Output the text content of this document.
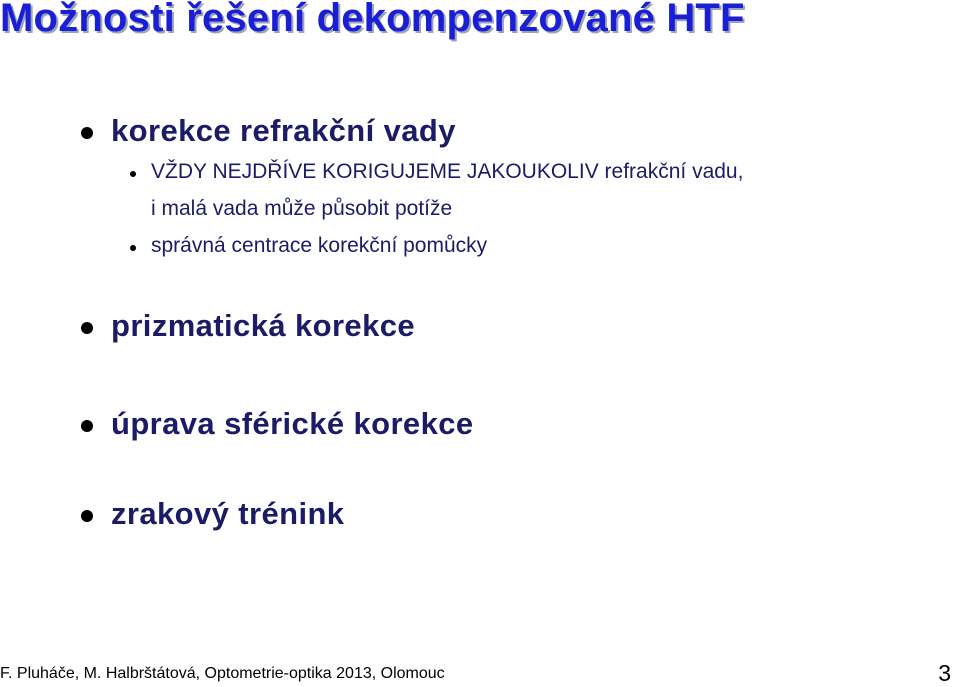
Možnosti řešení dekompenzované HTF
korekce refrakční vady
VŽDY NEJDŘÍVE KORIGUJEME JAKOUKOLIV refrakční vadu,
i malá vada může působit potíže
správná centrace korekční pomůcky
prizmatická korekce
úprava sférické korekce
zrakový trénink
F. Pluháče, M. Halbrštátová, Optometrie-optika 2013, Olomouc	3
